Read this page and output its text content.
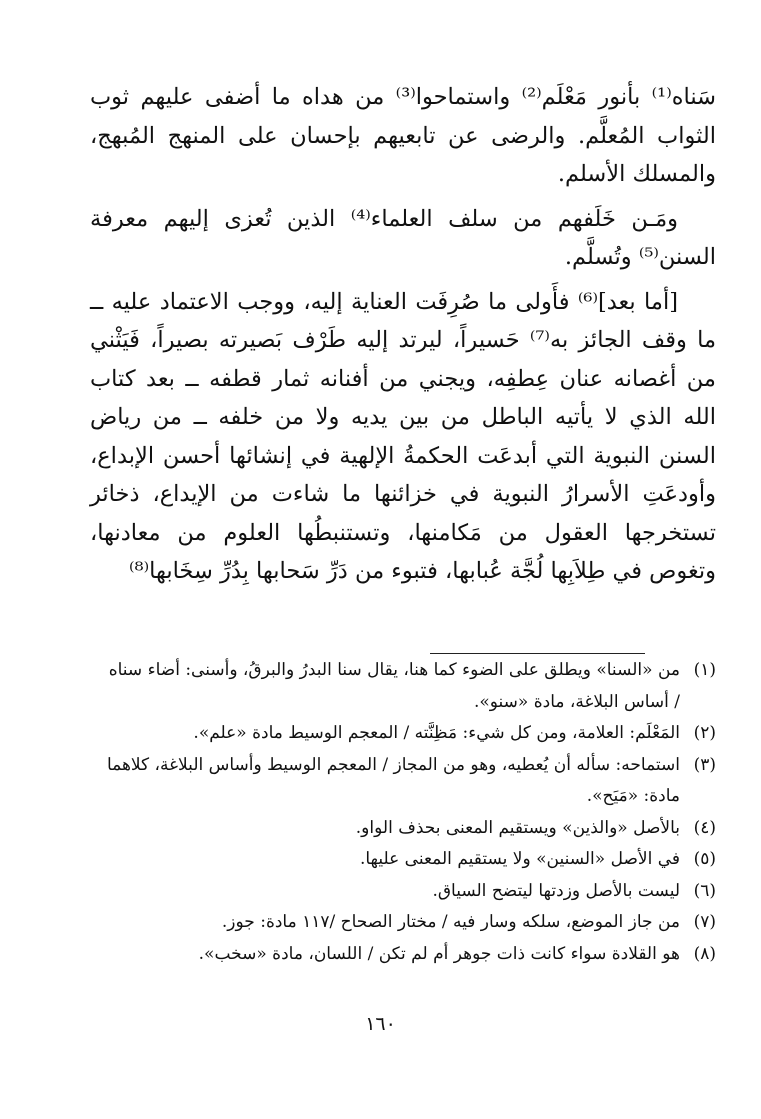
سَناه⁽¹⁾ بأنور مَعْلَم⁽²⁾ واستماحوا⁽³⁾ من هداه ما أضفى عليهم ثوب الثواب المُعلَّم. والرضى عن تابعيهم بإحسان على المنهج المُبهج، والمسلك الأسلم.

ومَـن خَلَفهم من سلف العلماء⁽⁴⁾ الذين تُعزى إليهم معرفة السنن⁽⁵⁾ وتُسلَّم.

[أما بعد]⁽⁶⁾ فأَولى ما صُرِفَت العناية إليه، ووجب الاعتماد عليه ــ ما وقف الجائز به⁽⁷⁾ حَسيراً، ليرتد إليه طَرْف بَصيرته بصيراً، فَيَثْني من أغصانه عنان عِطفِه، ويجني من أفنانه ثمار قطفه ــ بعد كتاب الله الذي لا يأتيه الباطل من بين يديه ولا من خلفه ــ من رياض السنن النبوية التي أبدعَت الحكمةُ الإلهية في إنشائها أحسن الإبداع، وأودعَتِ الأسرارُ النبوية في خزائنها ما شاءت من الإيداع، ذخائر تستخرجها العقول من مَكامنها، وتستنبطُها العلوم من معادنها، وتغوص في طِلاَبِها لُجَّة عُبابها، فتبوء من دَرِّ سَحابها بِدُرِّ سِخَابها⁽⁸⁾

(١)
من «السنا» ويطلق على الضوء كما هنا، يقال سنا البدرُ والبرقُ، وأسنى: أضاء سناه / أساس البلاغة، مادة «سنو».
(٢)
المَعْلَم: العلامة، ومن كل شيء: مَظِنَّته / المعجم الوسيط مادة «علم».
(٣)
استماحه: سأله أن يُعطيه، وهو من المجاز / المعجم الوسيط وأساس البلاغة، كلاهما مادة: «مَيَح».
(٤)
بالأصل «والذين» ويستقيم المعنى بحذف الواو.
(٥)
في الأصل «السنين» ولا يستقيم المعنى عليها.
(٦)
ليست بالأصل وزدتها ليتضح السياق.
(٧)
من جاز الموضع، سلكه وسار فيه / مختار الصحاح /١١٧ مادة: جوز.
(٨)
هو القلادة سواء كانت ذات جوهر أم لم تكن / اللسان، مادة «سخب».
١٦٠
